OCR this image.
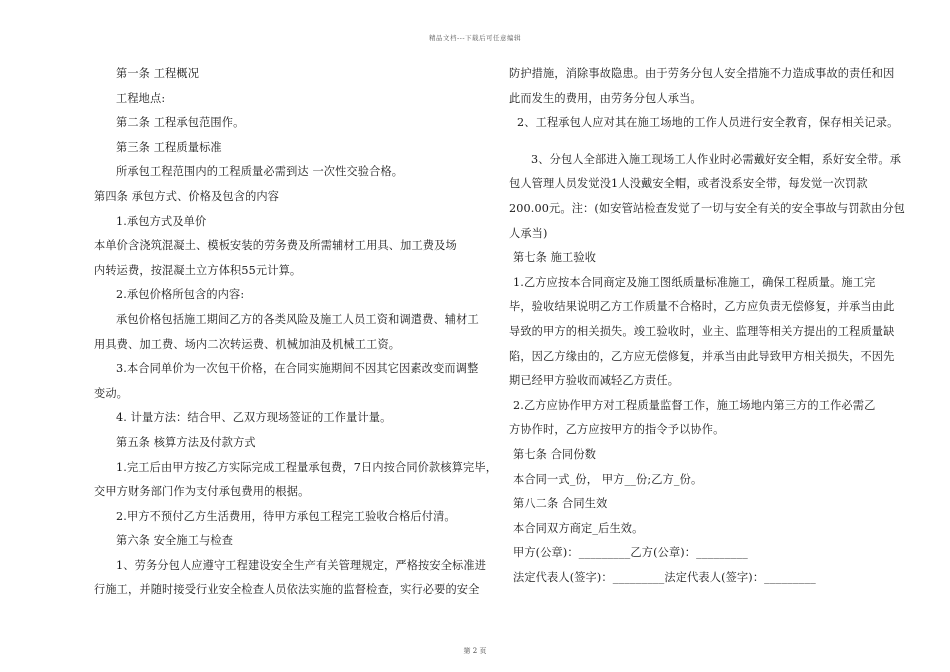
精品文档---下载后可任意编辑
第一条 工程概况
工程地点:
第二条 工程承包范围作。
第三条 工程质量标准
所承包工程范围内的工程质量必需到达 一次性交验合格。
第四条 承包方式、价格及包含的内容
1.承包方式及单价
本单价含浇筑混凝土、模板安装的劳务费及所需辅材工用具、加工费及场
内转运费，按混凝土立方体积55元计算。
2.承包价格所包含的内容:
承包价格包括施工期间乙方的各类风险及施工人员工资和调遣费、辅材工
用具费、加工费、场内二次转运费、机械加油及机械工工资。
3.本合同单价为一次包干价格，在合同实施期间不因其它因素改变而调整
变动。
4. 计量方法：结合甲、乙双方现场签证的工作量计量。
第五条 核算方法及付款方式
1.完工后由甲方按乙方实际完成工程量承包费，7日内按合同价款核算完毕，
交甲方财务部门作为支付承包费用的根据。
2.甲方不预付乙方生活费用，待甲方承包工程完工验收合格后付清。
第六条 安全施工与检查
1、劳务分包人应遵守工程建设安全生产有关管理规定，严格按安全标准进
行施工，并随时接受行业安全检查人员依法实施的监督检查，实行必要的安全
防护措施，消除事故隐患。由于劳务分包人安全措施不力造成事故的责任和因
此而发生的费用，由劳务分包人承当。
2、工程承包人应对其在施工场地的工作人员进行安全教育，保存相关记录。
3、分包人全部进入施工现场工人作业时必需戴好安全帽，系好安全带。承
包人管理人员发觉没1人没戴安全帽，或者没系安全带，每发觉一次罚款
200.00元。注：(如安管站检查发觉了一切与安全有关的安全事故与罚款由分包
人承当)
第七条 施工验收
1.乙方应按本合同商定及施工图纸质量标准施工，确保工程质量。施工完
毕，验收结果说明乙方工作质量不合格时，乙方应负责无偿修复，并承当由此
导致的甲方的相关损失。竣工验收时，业主、监理等相关方提出的工程质量缺
陷，因乙方缘由的，乙方应无偿修复，并承当由此导致甲方相关损失，不因先
期已经甲方验收而减轻乙方责任。
2.乙方应协作甲方对工程质量监督工作，施工场地内第三方的工作必需乙
方协作时，乙方应按甲方的指令予以协作。
第七条 合同份数
本合同一式_份， 甲方__份;乙方_份。
第八二条 合同生效
本合同双方商定_后生效。
甲方(公章)：_________乙方(公章)：_________
法定代表人(签字)：_________法定代表人(签字)：_________
第 2 页
